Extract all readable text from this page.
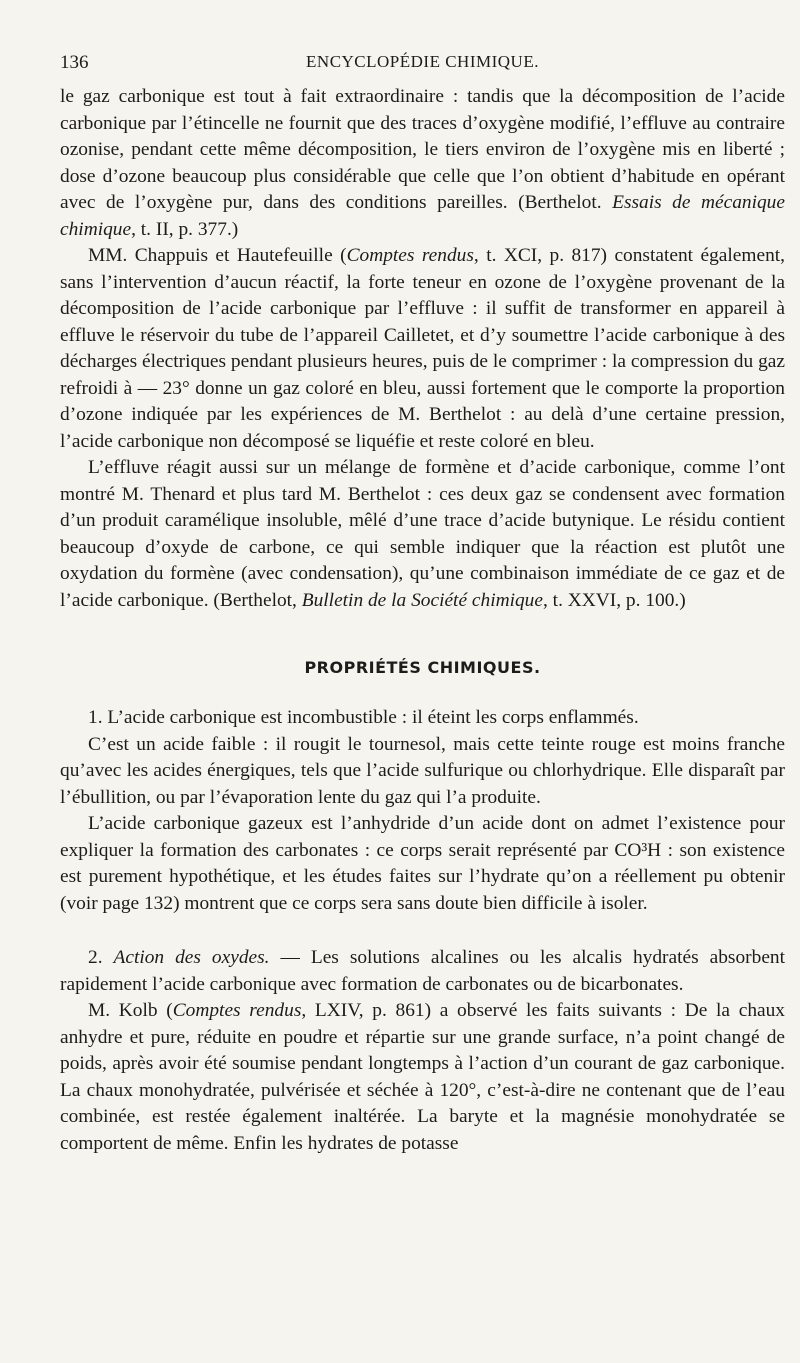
136	ENCYCLOPÉDIE CHIMIQUE.

le gaz carbonique est tout à fait extraordinaire : tandis que la décomposition de l’acide carbonique par l’étincelle ne fournit que des traces d’oxygène modifié, l’effluve au contraire ozonise, pendant cette même décomposition, le tiers environ de l’oxygène mis en liberté ; dose d’ozone beaucoup plus considérable que celle que l’on obtient d’habitude en opérant avec de l’oxygène pur, dans des conditions pareilles. (Berthelot. Essais de mécanique chimique, t. II, p. 377.)

MM. Chappuis et Hautefeuille (Comptes rendus, t. XCI, p. 817) constatent également, sans l’intervention d’aucun réactif, la forte teneur en ozone de l’oxygène provenant de la décomposition de l’acide carbonique par l’effluve : il suffit de transformer en appareil à effluve le réservoir du tube de l’appareil Cailletet, et d’y soumettre l’acide carbonique à des décharges électriques pendant plusieurs heures, puis de le comprimer : la compression du gaz refroidi à — 23° donne un gaz coloré en bleu, aussi fortement que le comporte la proportion d’ozone indiquée par les expériences de M. Berthelot : au delà d’une certaine pression, l’acide carbonique non décomposé se liquéfie et reste coloré en bleu.

L’effluve réagit aussi sur un mélange de formène et d’acide carbonique, comme l’ont montré M. Thenard et plus tard M. Berthelot : ces deux gaz se condensent avec formation d’un produit caramélique insoluble, mêlé d’une trace d’acide butynique. Le résidu contient beaucoup d’oxyde de carbone, ce qui semble indiquer que la réaction est plutôt une oxydation du formène (avec condensation), qu’une combinaison immédiate de ce gaz et de l’acide carbonique. (Berthelot, Bulletin de la Société chimique, t. XXVI, p. 100.)

PROPRIÉTÉS CHIMIQUES.

1. L’acide carbonique est incombustible : il éteint les corps enflammés.

C’est un acide faible : il rougit le tournesol, mais cette teinte rouge est moins franche qu’avec les acides énergiques, tels que l’acide sulfurique ou chlorhydrique. Elle disparaît par l’ébullition, ou par l’évaporation lente du gaz qui l’a produite.

L’acide carbonique gazeux est l’anhydride d’un acide dont on admet l’existence pour expliquer la formation des carbonates : ce corps serait représenté par CO³H : son existence est purement hypothétique, et les études faites sur l’hydrate qu’on a réellement pu obtenir (voir page 132) montrent que ce corps sera sans doute bien difficile à isoler.

2. Action des oxydes. — Les solutions alcalines ou les alcalis hydratés absorbent rapidement l’acide carbonique avec formation de carbonates ou de bicarbonates.

M. Kolb (Comptes rendus, LXIV, p. 861) a observé les faits suivants : De la chaux anhydre et pure, réduite en poudre et répartie sur une grande surface, n’a point changé de poids, après avoir été soumise pendant longtemps à l’action d’un courant de gaz carbonique. La chaux monohydratée, pulvérisée et séchée à 120°, c’est-à-dire ne contenant que de l’eau combinée, est restée également inaltérée. La baryte et la magnésie monohydratée se comportent de même. Enfin les hydrates de potasse
